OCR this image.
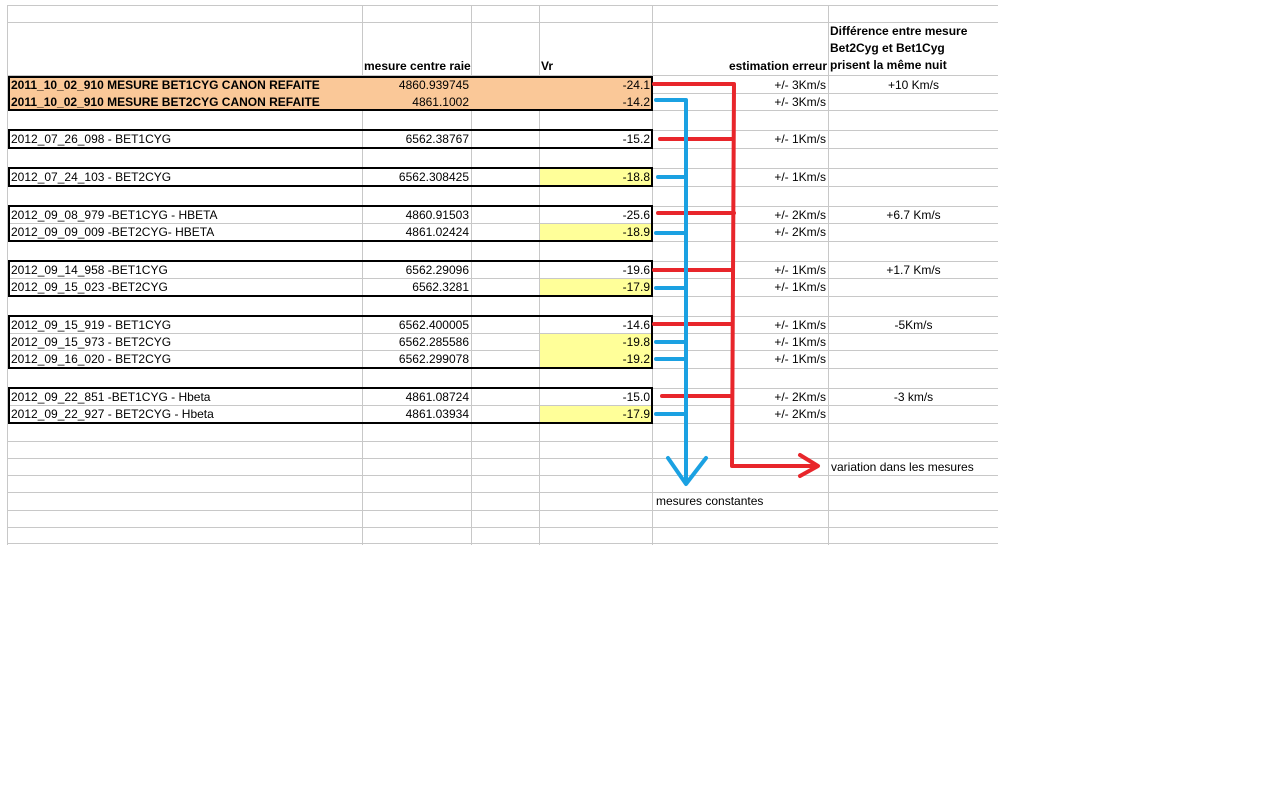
mesure centre raie	Vr	estimation erreur
Différence entre mesure
Bet2Cyg et Bet1Cyg
prisent la même nuit
2011_10_02_910 MESURE BET1CYG CANON REFAITE	4860.939745	-24.1	+/- 3Km/s	+10 Km/s
2011_10_02_910 MESURE BET2CYG CANON REFAITE	4861.1002	-14.2	+/- 3Km/s
2012_07_26_098 - BET1CYG	6562.38767	-15.2	+/- 1Km/s
2012_07_24_103 - BET2CYG	6562.308425	-18.8	+/- 1Km/s
2012_09_08_979 -BET1CYG - HBETA	4860.91503	-25.6	+/- 2Km/s	+6.7 Km/s
2012_09_09_009 -BET2CYG- HBETA	4861.02424	-18.9	+/- 2Km/s
2012_09_14_958 -BET1CYG	6562.29096	-19.6	+/- 1Km/s	+1.7 Km/s
2012_09_15_023 -BET2CYG	6562.3281	-17.9	+/- 1Km/s
2012_09_15_919 - BET1CYG	6562.400005	-14.6	+/- 1Km/s	-5Km/s
2012_09_15_973 - BET2CYG	6562.285586	-19.8	+/- 1Km/s
2012_09_16_020 - BET2CYG	6562.299078	-19.2	+/- 1Km/s
2012_09_22_851 -BET1CYG - Hbeta	4861.08724	-15.0	+/- 2Km/s	-3 km/s
2012_09_22_927 - BET2CYG - Hbeta	4861.03934	-17.9	+/- 2Km/s
variation dans les mesures
mesures constantes
